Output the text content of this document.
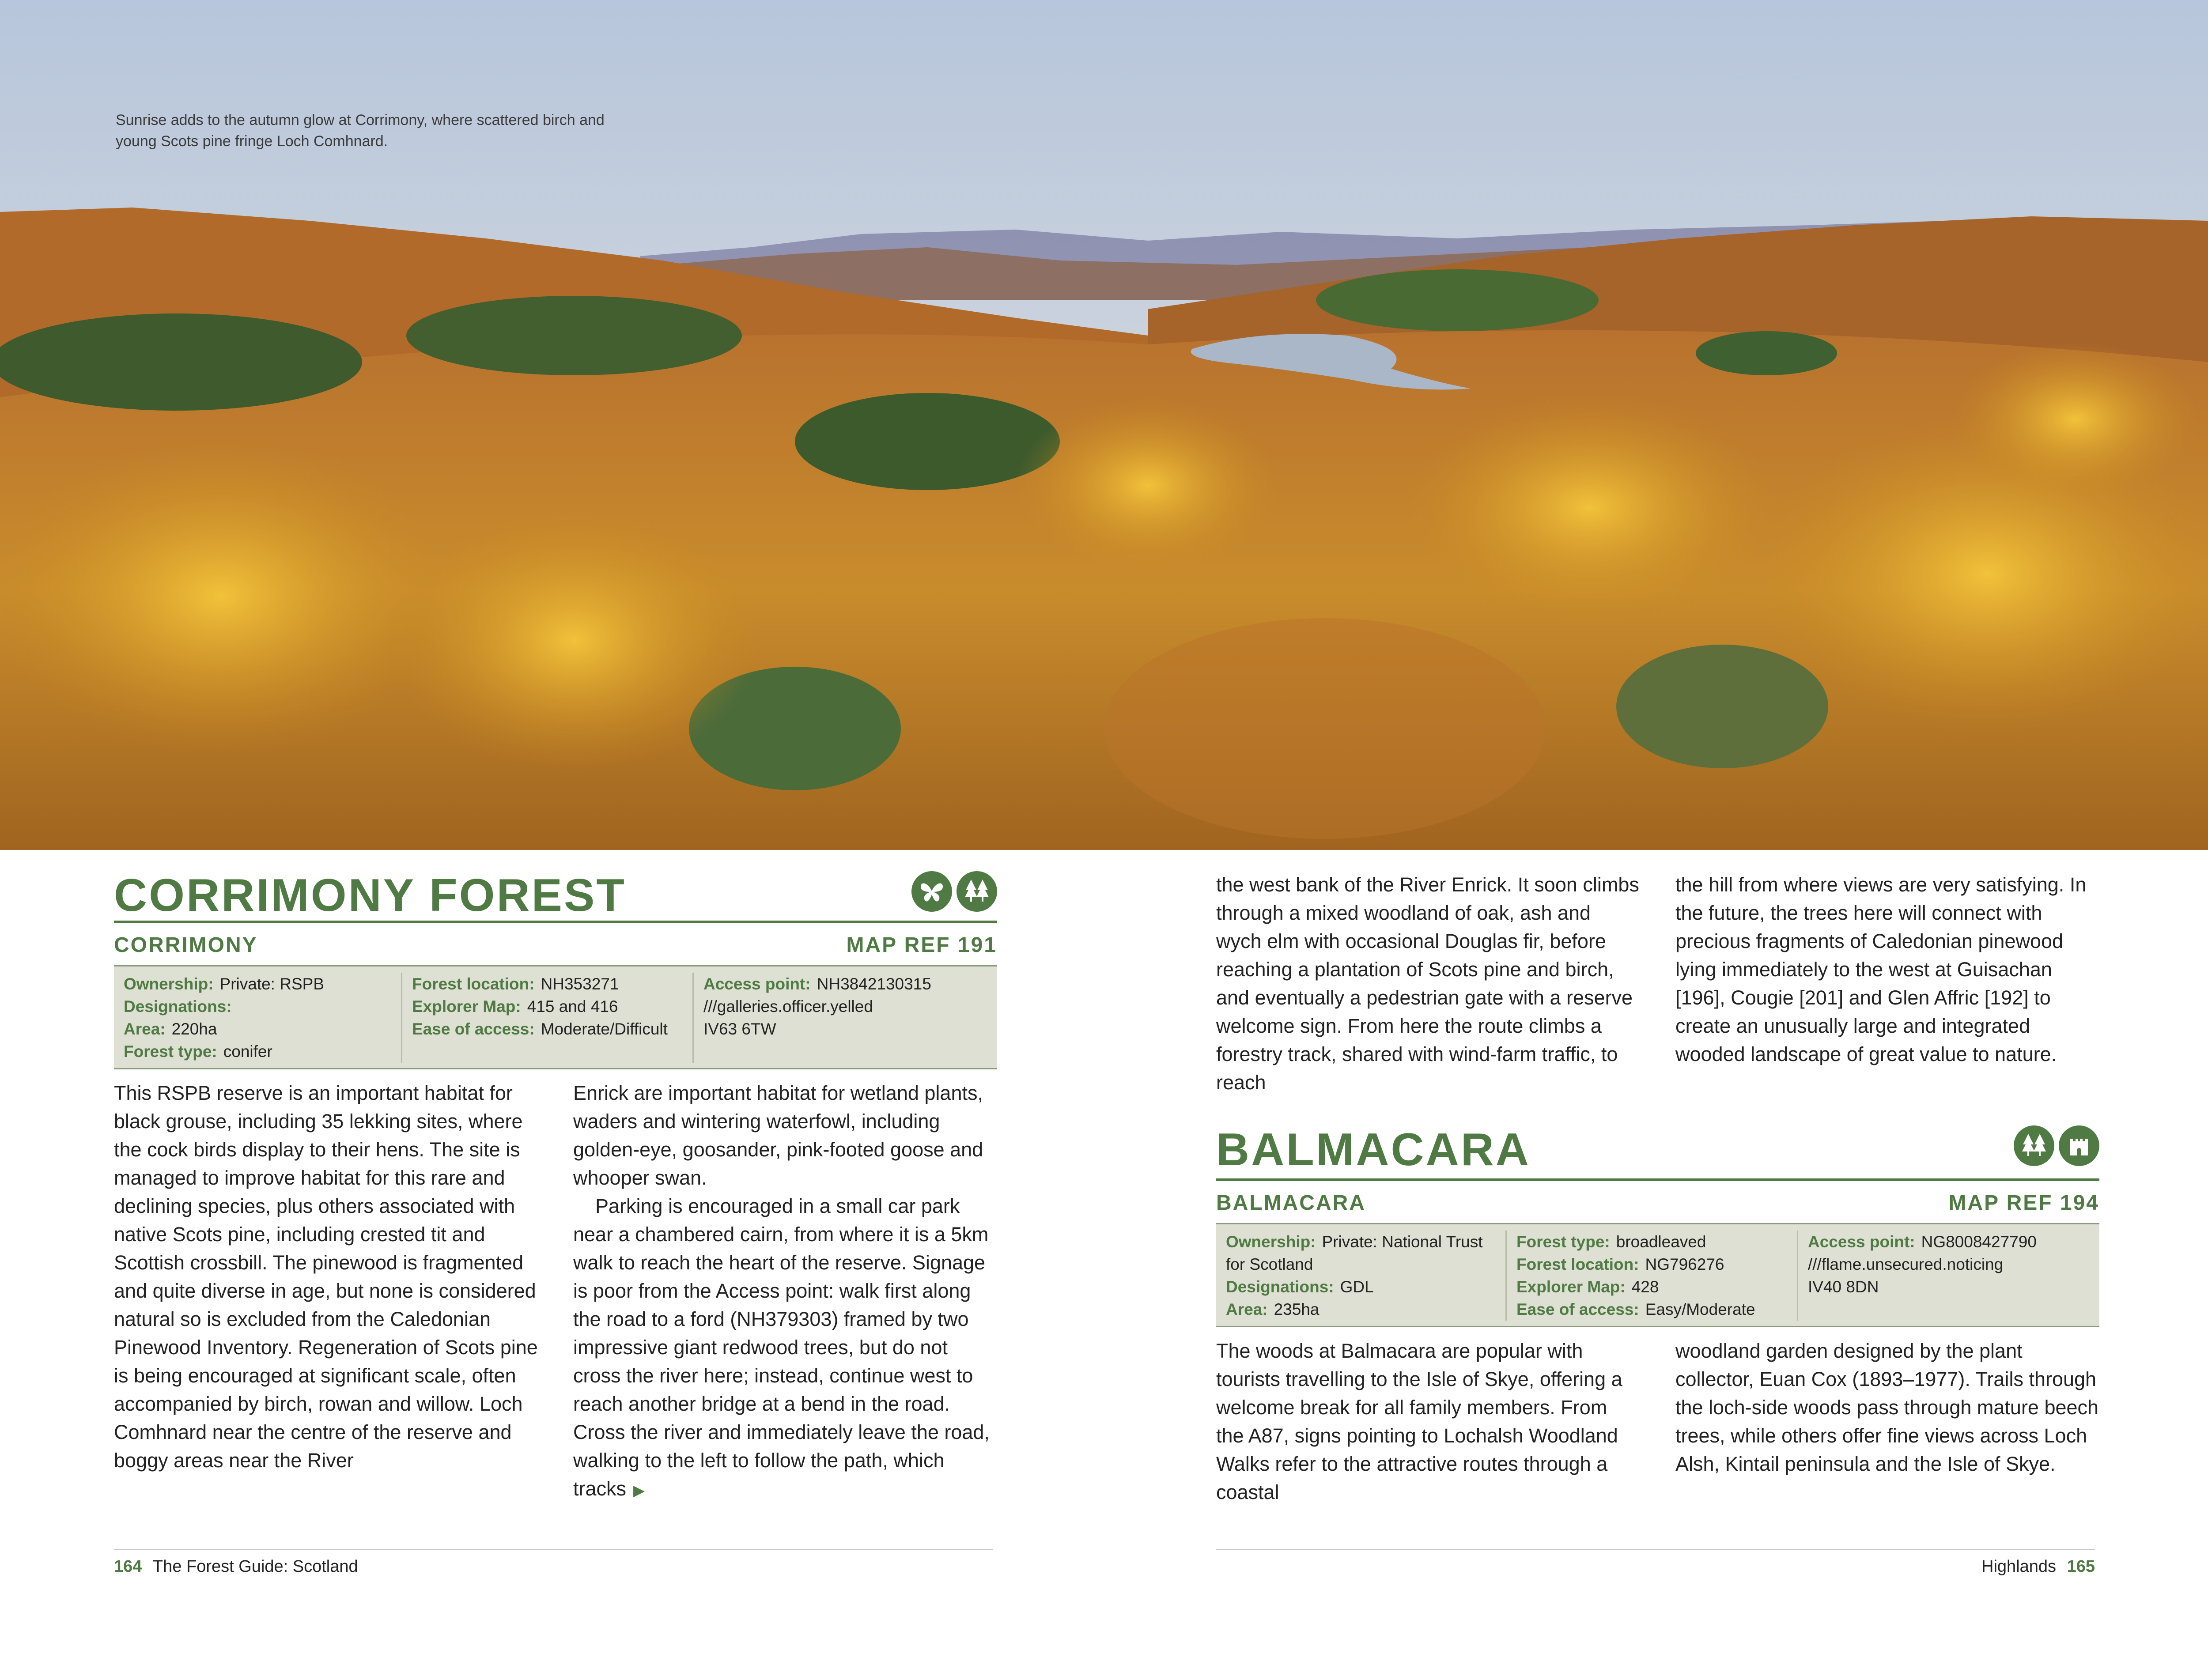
Sunrise adds to the autumn glow at Corrimony, where scattered birch and young Scots pine fringe Loch Comhnard.
CORRIMONY FOREST
CORRIMONY	MAP REF 191
Ownership: Private: RSPB
Designations:
Area: 220ha
Forest type: conifer
Forest location: NH353271
Explorer Map: 415 and 416
Ease of access: Moderate/Difficult
Access point: NH3842130315
///galleries.officer.yelled
IV63 6TW

This RSPB reserve is an important habitat for black grouse, including 35 lekking sites, where the cock birds display to their hens. The site is managed to improve habitat for this rare and declining species, plus others associated with native Scots pine, including crested tit and Scottish crossbill. The pinewood is fragmented and quite diverse in age, but none is considered natural so is excluded from the Caledonian Pinewood Inventory. Regeneration of Scots pine is being encouraged at significant scale, often accompanied by birch, rowan and willow. Loch Comhnard near the centre of the reserve and boggy areas near the River

Enrick are important habitat for wetland plants, waders and wintering waterfowl, including golden-eye, goosander, pink-footed goose and whooper swan.

Parking is encouraged in a small car park near a chambered cairn, from where it is a 5km walk to reach the heart of the reserve. Signage is poor from the Access point: walk first along the road to a ford (NH379303) framed by two impressive giant redwood trees, but do not cross the river here; instead, continue west to reach another bridge at a bend in the road. Cross the river and immediately leave the road, walking to the left to follow the path, which tracks ▶

164 The Forest Guide: Scotland

the west bank of the River Enrick. It soon climbs through a mixed woodland of oak, ash and wych elm with occasional Douglas fir, before reaching a plantation of Scots pine and birch, and eventually a pedestrian gate with a reserve welcome sign. From here the route climbs a forestry track, shared with wind-farm traffic, to reach

the hill from where views are very satisfying. In the future, the trees here will connect with precious fragments of Caledonian pinewood lying immediately to the west at Guisachan [196], Cougie [201] and Glen Affric [192] to create an unusually large and integrated wooded landscape of great value to nature.

BALMACARA
BALMACARA	MAP REF 194
Ownership: Private: National Trust for Scotland
Designations: GDL
Area: 235ha
Forest type: broadleaved
Forest location: NG796276
Explorer Map: 428
Ease of access: Easy/Moderate
Access point: NG8008427790
///flame.unsecured.noticing
IV40 8DN

The woods at Balmacara are popular with tourists travelling to the Isle of Skye, offering a welcome break for all family members. From the A87, signs pointing to Lochalsh Woodland Walks refer to the attractive routes through a coastal

woodland garden designed by the plant collector, Euan Cox (1893–1977). Trails through the loch-side woods pass through mature beech trees, while others offer fine views across Loch Alsh, Kintail peninsula and the Isle of Skye.

Highlands 165
